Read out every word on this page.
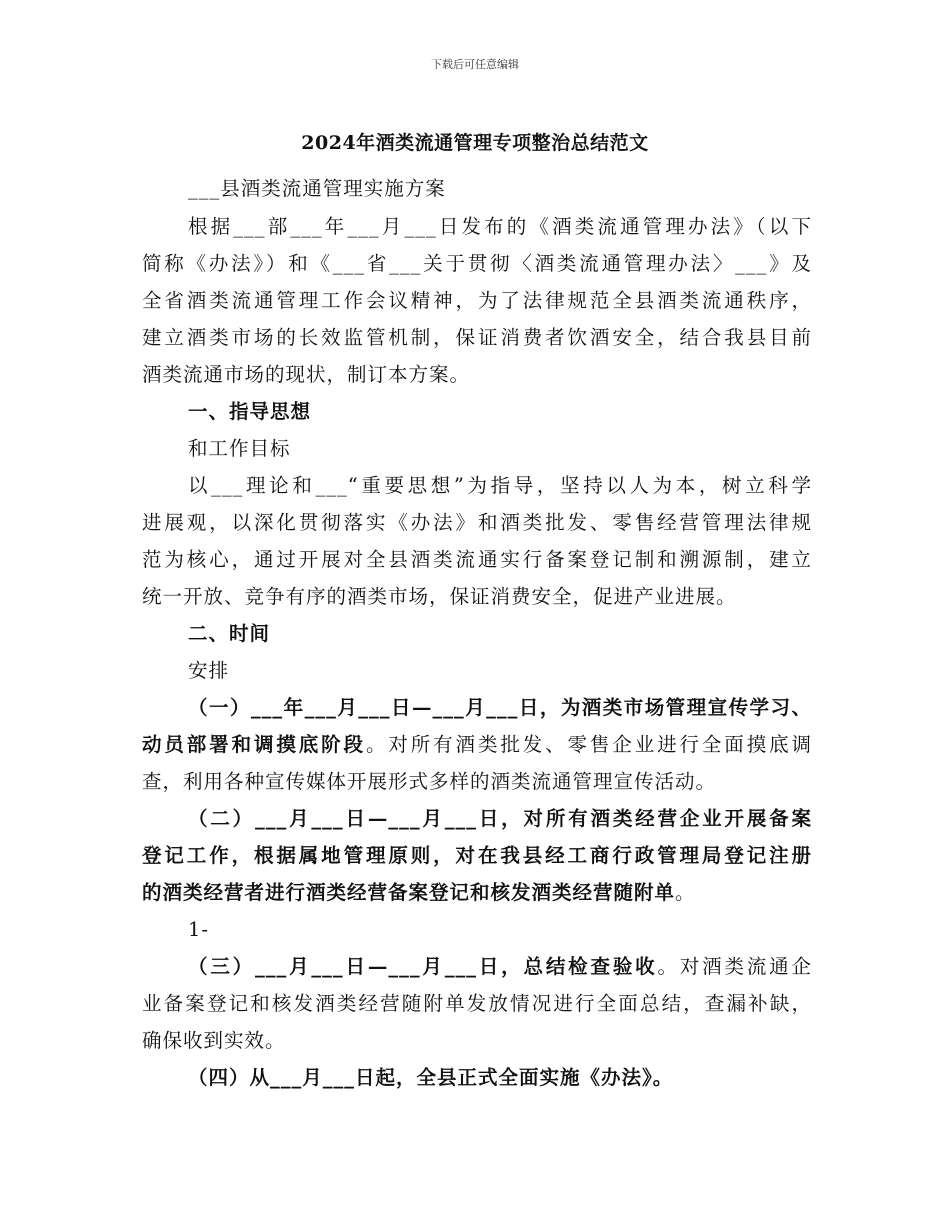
下载后可任意编辑
2024年酒类流通管理专项整治总结范文
___县酒类流通管理实施方案
根据___部___年___月___日发布的《酒类流通管理办法》（以下
简称《办法》）和《___省___关于贯彻〈酒类流通管理办法〉___》及
全省酒类流通管理工作会议精神，为了法律规范全县酒类流通秩序，
建立酒类市场的长效监管机制，保证消费者饮酒安全，结合我县目前
酒类流通市场的现状，制订本方案。
一、指导思想
和工作目标
以___理论和___“重要思想”为指导，坚持以人为本，树立科学
进展观，以深化贯彻落实《办法》和酒类批发、零售经营管理法律规
范为核心，通过开展对全县酒类流通实行备案登记制和溯源制，建立
统一开放、竞争有序的酒类市场，保证消费安全，促进产业进展。
二、时间
安排
（一）___年___月___日—___月___日，为酒类市场管理宣传学习、
动员部署和调摸底阶段。对所有酒类批发、零售企业进行全面摸底调
查，利用各种宣传媒体开展形式多样的酒类流通管理宣传活动。
（二）___月___日—___月___日，对所有酒类经营企业开展备案
登记工作，根据属地管理原则，对在我县经工商行政管理局登记注册
的酒类经营者进行酒类经营备案登记和核发酒类经营随附单。
1-
（三）___月___日—___月___日，总结检查验收。对酒类流通企
业备案登记和核发酒类经营随附单发放情况进行全面总结，查漏补缺，
确保收到实效。
（四）从___月___日起，全县正式全面实施《办法》。
